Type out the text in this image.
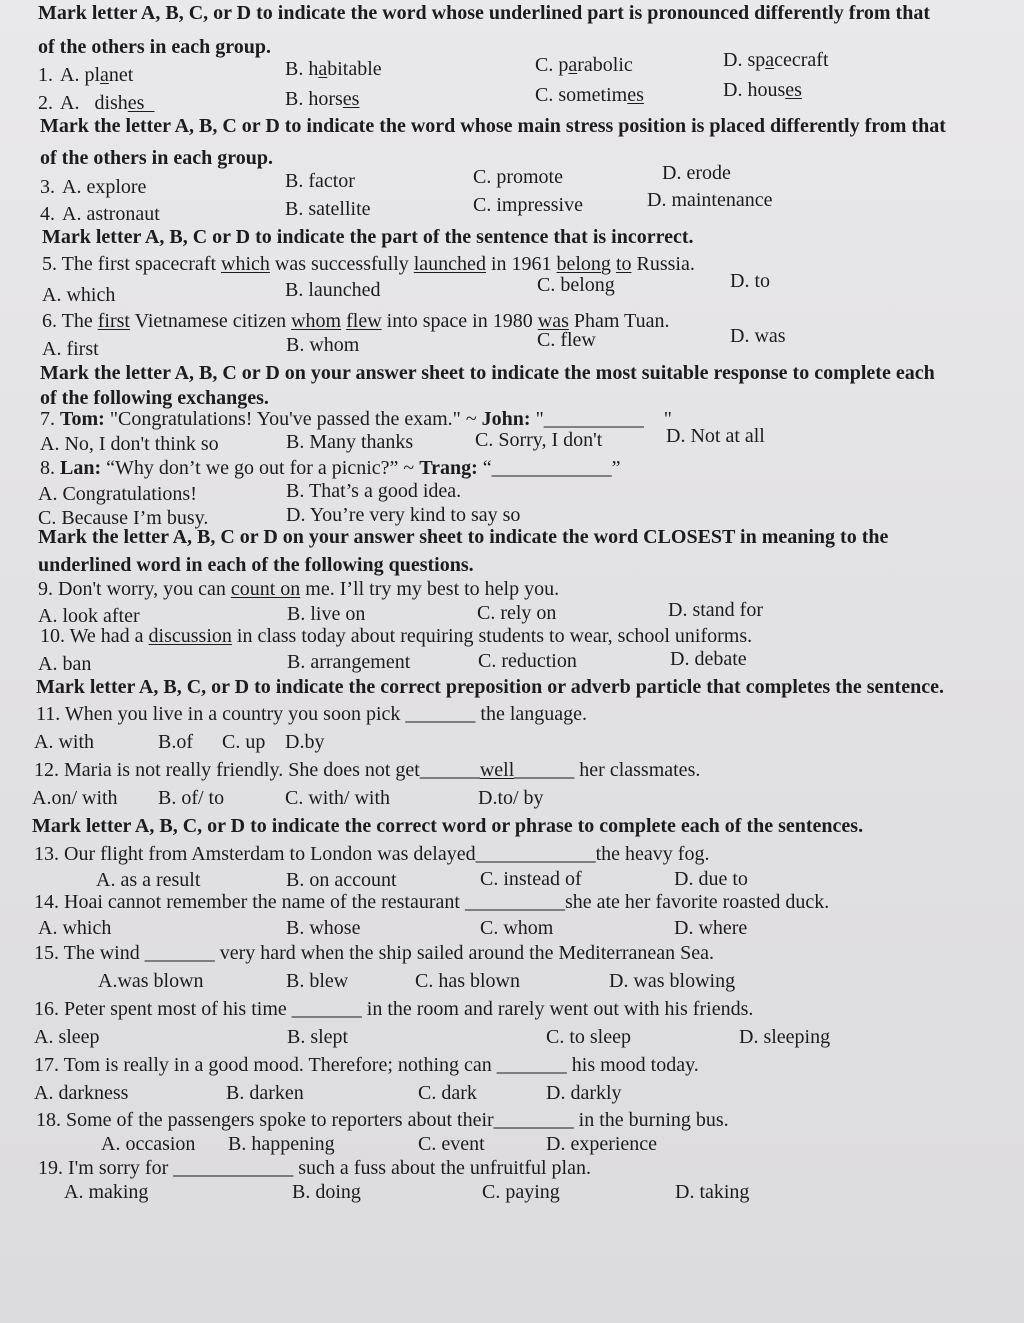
Mark letter A, B, C, or D to indicate the word whose underlined part is pronounced differently from that
of the others in each group.
1. A. planet	B. habitable	C. parabolic	D. spacecraft
2. A.   dishes	B. horses	C. sometimes	D. houses
Mark the letter A, B, C or D to indicate the word whose main stress position is placed differently from that
of the others in each group.
3. A. explore	B. factor	C. promote	D. erode
4. A. astronaut	B. satellite	C. impressive	D. maintenance
Mark letter A, B, C or D to indicate the part of the sentence that is incorrect.
5. The first spacecraft which was successfully launched in 1961 belong to Russia.
A. which	B. launched	C. belong	D. to
6. The first Vietnamese citizen whom flew into space in 1980 was Pham Tuan.
A. first	B. whom	C. flew	D. was
Mark the letter A, B, C or D on your answer sheet to indicate the most suitable response to complete each
of the following exchanges.
7. Tom: "Congratulations! You've passed the exam." ~ John: "__________ "
A. No, I don't think so	B. Many thanks	C. Sorry, I don't	D. Not at all
8. Lan: “Why don’t we go out for a picnic?” ~ Trang: “____________”
A. Congratulations!	B. That’s a good idea.
C. Because I’m busy.	D. You’re very kind to say so
Mark the letter A, B, C or D on your answer sheet to indicate the word CLOSEST in meaning to the
underlined word in each of the following questions.
9. Don't worry, you can count on me. I’ll try my best to help you.
A. look after	B. live on	C. rely on	D. stand for
10. We had a discussion in class today about requiring students to wear, school uniforms.
A. ban	B. arrangement	C. reduction	D. debate
Mark letter A, B, C, or D to indicate the correct preposition or adverb particle that completes the sentence.
11. When you live in a country you soon pick _______ the language.
A. with	B.of C. up D.by
12. Maria is not really friendly. She does not get______well______ her classmates.
A.on/ with B. of/ to	C. with/ with	D.to/ by
Mark letter A, B, C, or D to indicate the correct word or phrase to complete each of the sentences.
13. Our flight from Amsterdam to London was delayed____________the heavy fog.
A. as a result	B. on account	C. instead of	D. due to
14. Hoai cannot remember the name of the restaurant __________she ate her favorite roasted duck.
A. which	B. whose	C. whom	D. where
15. The wind _______ very hard when the ship sailed around the Mediterranean Sea.
A.was blown	B. blew	C. has blown	D. was blowing
16. Peter spent most of his time _______ in the room and rarely went out with his friends.
A. sleep	B. slept	C. to sleep	D. sleeping
17. Tom is really in a good mood. Therefore; nothing can _______ his mood today.
A. darkness	B. darken	C. dark	D. darkly
18. Some of the passengers spoke to reporters about their________ in the burning bus.
A. occasion B. happening	C. event	D. experience
19. I'm sorry for ____________ such a fuss about the unfruitful plan.
A. making	B. doing	C. paying	D. taking
